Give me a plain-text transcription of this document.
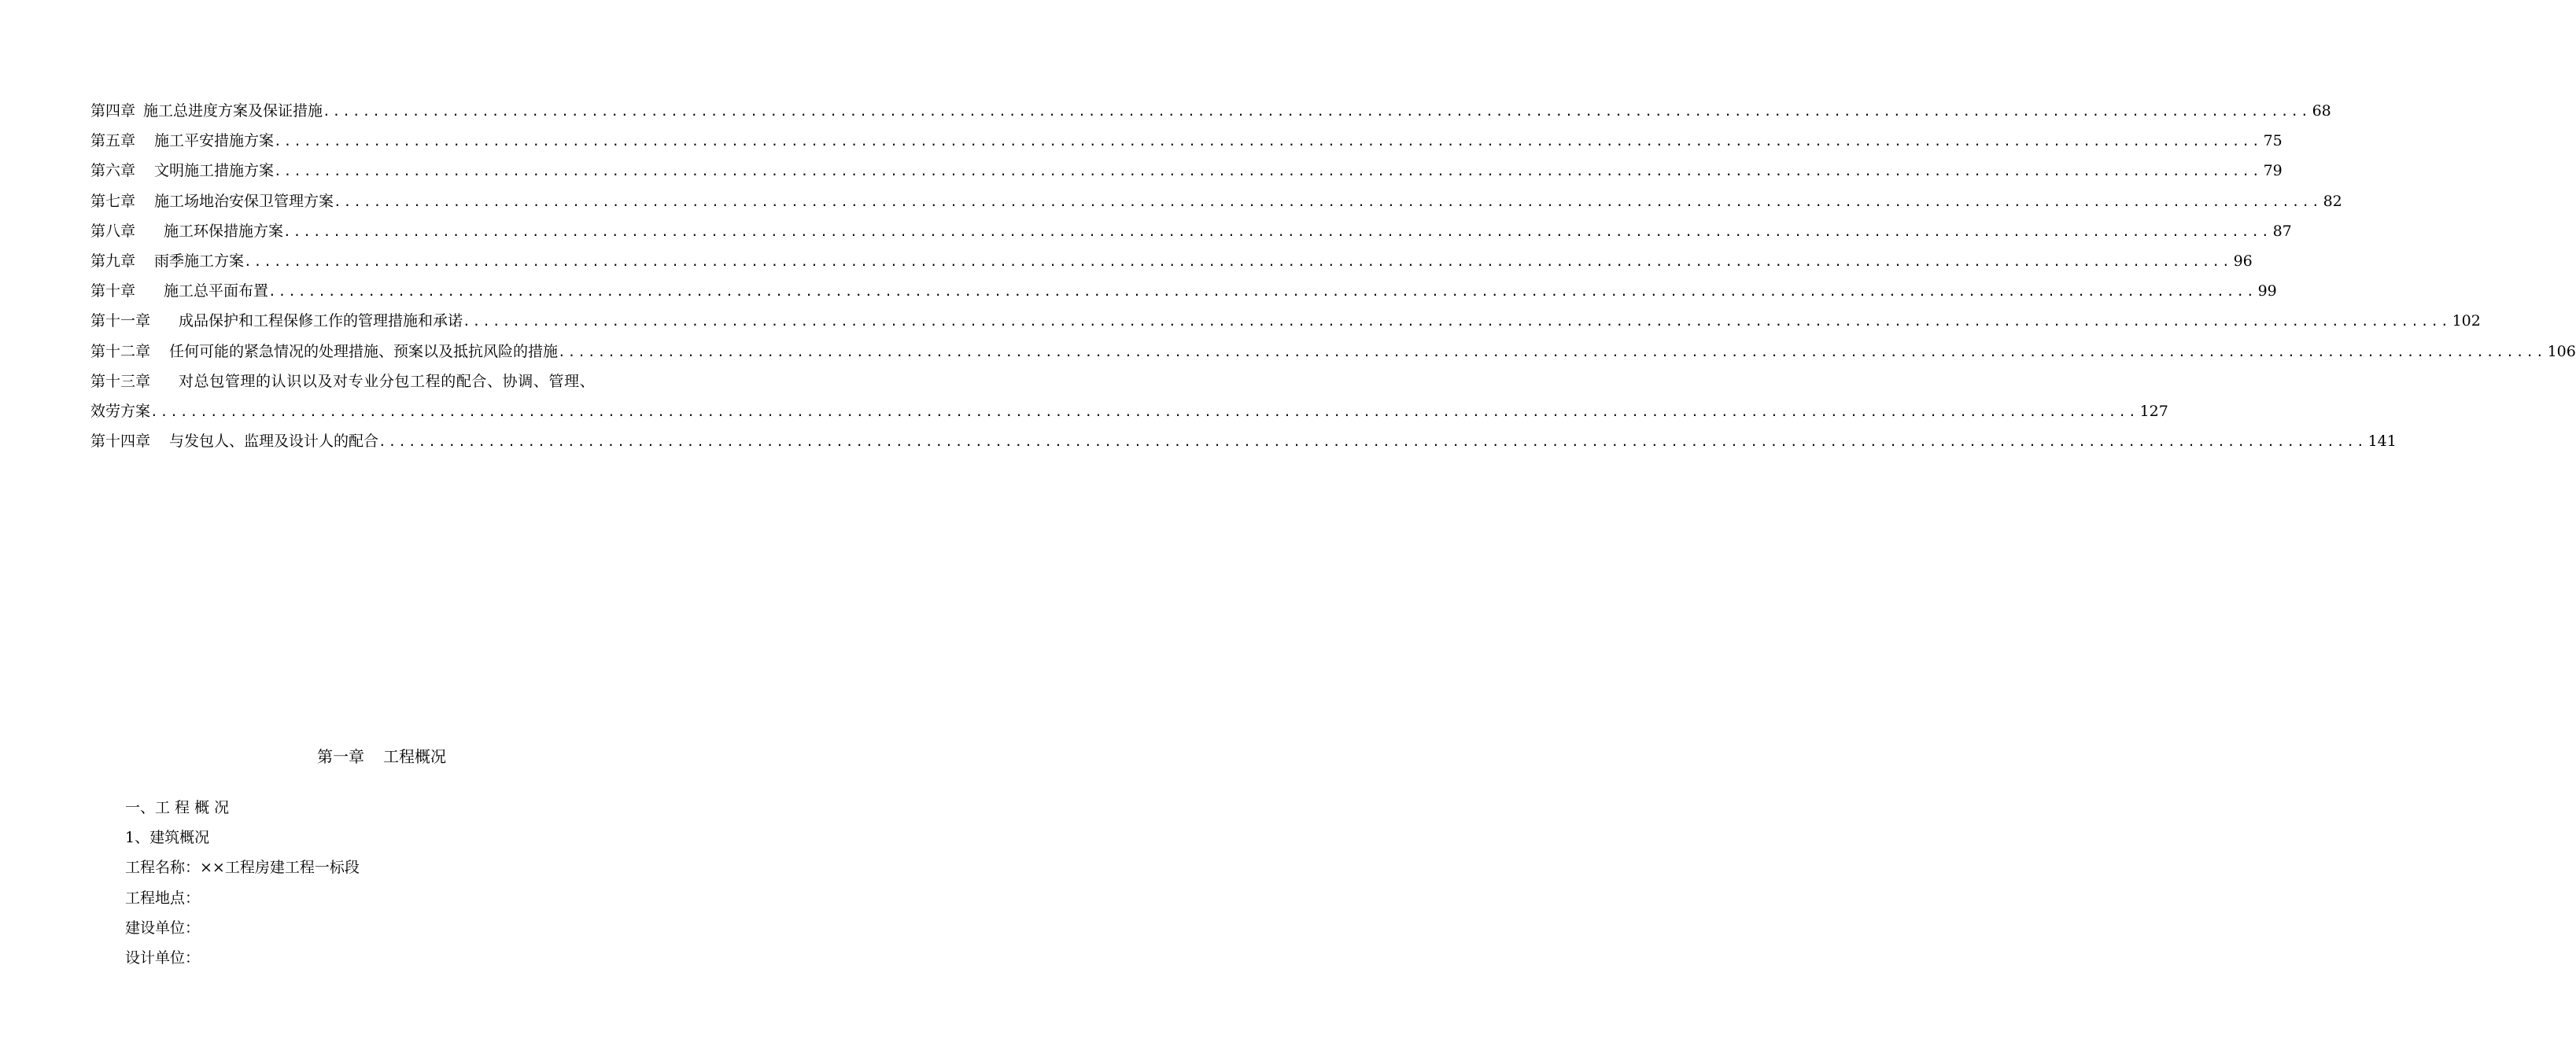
第四章 施工总进度方案及保证措施 ........................................................................................................................................................................................................ 68
第五章 施工平安措施方案 ........................................................................................................................................................................................................ 75
第六章 文明施工措施方案 ........................................................................................................................................................................................................ 79
第七章 施工场地治安保卫管理方案 ........................................................................................................................................................................................................ 82
第八章 施工环保措施方案 ........................................................................................................................................................................................................ 87
第九章 雨季施工方案 ........................................................................................................................................................................................................ 96
第十章 施工总平面布置 ........................................................................................................................................................................................................ 99
第十一章 成品保护和工程保修工作的管理措施和承诺 ........................................................................................................................................................................................................ 102
第十二章 任何可能的紧急情况的处理措施、预案以及抵抗风险的措施 ........................................................................................................................................................................................................ 106
第十三章 对总包管理的认识以及对专业分包工程的配合、协调、管理、
效劳方案 ........................................................................................................................................................................................................ 127
第十四章 与发包人、监理及设计人的配合 ........................................................................................................................................................................................................ 141
第一章 工程概况
一、工 程 概 况
1、建筑概况
工程名称：××工程房建工程一标段
工程地点：
建设单位：
设计单位：
